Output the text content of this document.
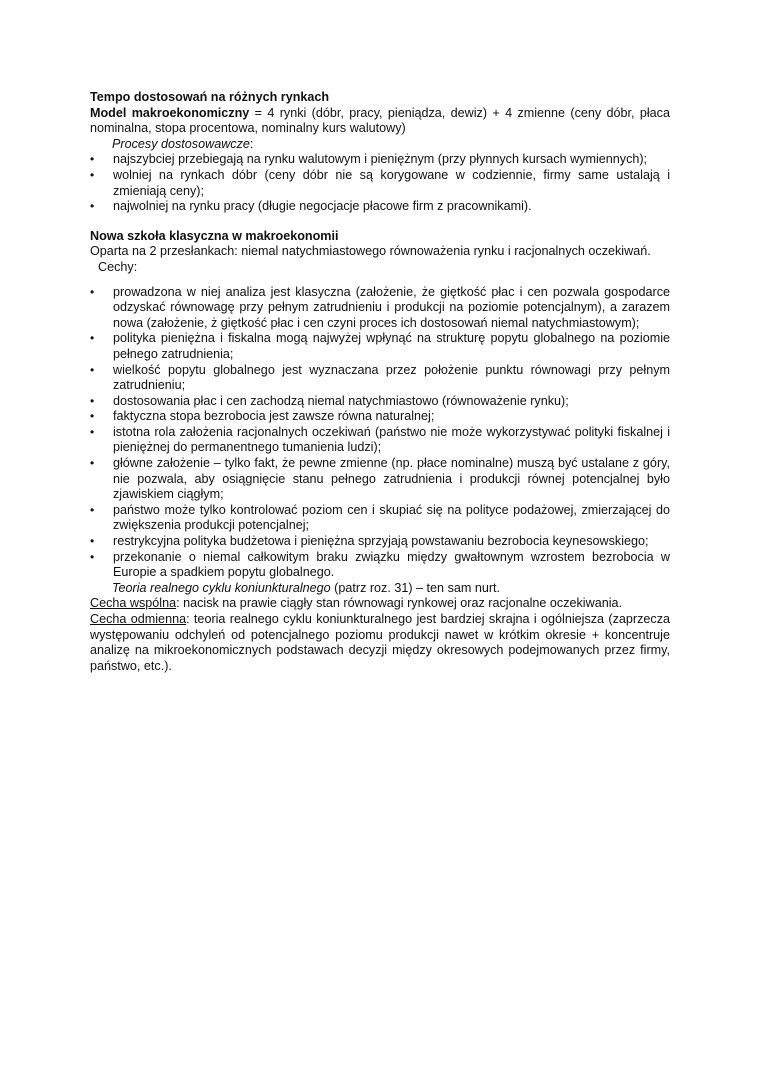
Tempo dostosowań na różnych rynkach

Model makroekonomiczny = 4 rynki (dóbr, pracy, pieniądza, dewiz) + 4 zmienne (ceny dóbr, płaca nominalna, stopa procentowa, nominalny kurs walutowy)

Procesy dostosowawcze:

• najszybciej przebiegają na rynku walutowym i pieniężnym (przy płynnych kursach wymiennych);
• wolniej na rynkach dóbr (ceny dóbr nie są korygowane w codziennie, firmy same ustalają i zmieniają ceny);
• najwolniej na rynku pracy (długie negocjacje płacowe firm z pracownikami).

Nowa szkoła klasyczna w makroekonomii

Oparta na 2 przesłankach: niemal natychmiastowego równoważenia rynku i racjonalnych oczekiwań.

Cechy:

• prowadzona w niej analiza jest klasyczna (założenie, że giętkość płac i cen pozwala gospodarce odzyskać równowagę przy pełnym zatrudnieniu i produkcji na poziomie potencjalnym), a zarazem nowa (założenie, ż giętkość płac i cen czyni proces ich dostosowań niemal natychmiastowym);
• polityka pieniężna i fiskalna mogą najwyżej wpłynąć na strukturę popytu globalnego na poziomie pełnego zatrudnienia;
• wielkość popytu globalnego jest wyznaczana przez położenie punktu równowagi przy pełnym zatrudnieniu;
• dostosowania płac i cen zachodzą niemal natychmiastowo (równoważenie rynku);
• faktyczna stopa bezrobocia jest zawsze równa naturalnej;
• istotna rola założenia racjonalnych oczekiwań (państwo nie może wykorzystywać polityki fiskalnej i pieniężnej do permanentnego tumanienia ludzi);
• główne założenie – tylko fakt, że pewne zmienne (np. płace nominalne) muszą być ustalane z góry, nie pozwala, aby osiągnięcie stanu pełnego zatrudnienia i produkcji równej potencjalnej było zjawiskiem ciągłym;
• państwo może tylko kontrolować poziom cen i skupiać się na polityce podażowej, zmierzającej do zwiększenia produkcji potencjalnej;
• restrykcyjna polityka budżetowa i pieniężna sprzyjają powstawaniu bezrobocia keynesowskiego;
• przekonanie o niemal całkowitym braku związku między gwałtownym wzrostem bezrobocia w Europie a spadkiem popytu globalnego.

Teoria realnego cyklu koniunkturalnego (patrz roz. 31) – ten sam nurt.

Cecha wspólna: nacisk na prawie ciągły stan równowagi rynkowej oraz racjonalne oczekiwania.

Cecha odmienna: teoria realnego cyklu koniunkturalnego jest bardziej skrajna i ogólniejsza (zaprzecza występowaniu odchyleń od potencjalnego poziomu produkcji nawet w krótkim okresie + koncentruje analizę na mikroekonomicznych podstawach decyzji między okresowych podejmowanych przez firmy, państwo, etc.).
